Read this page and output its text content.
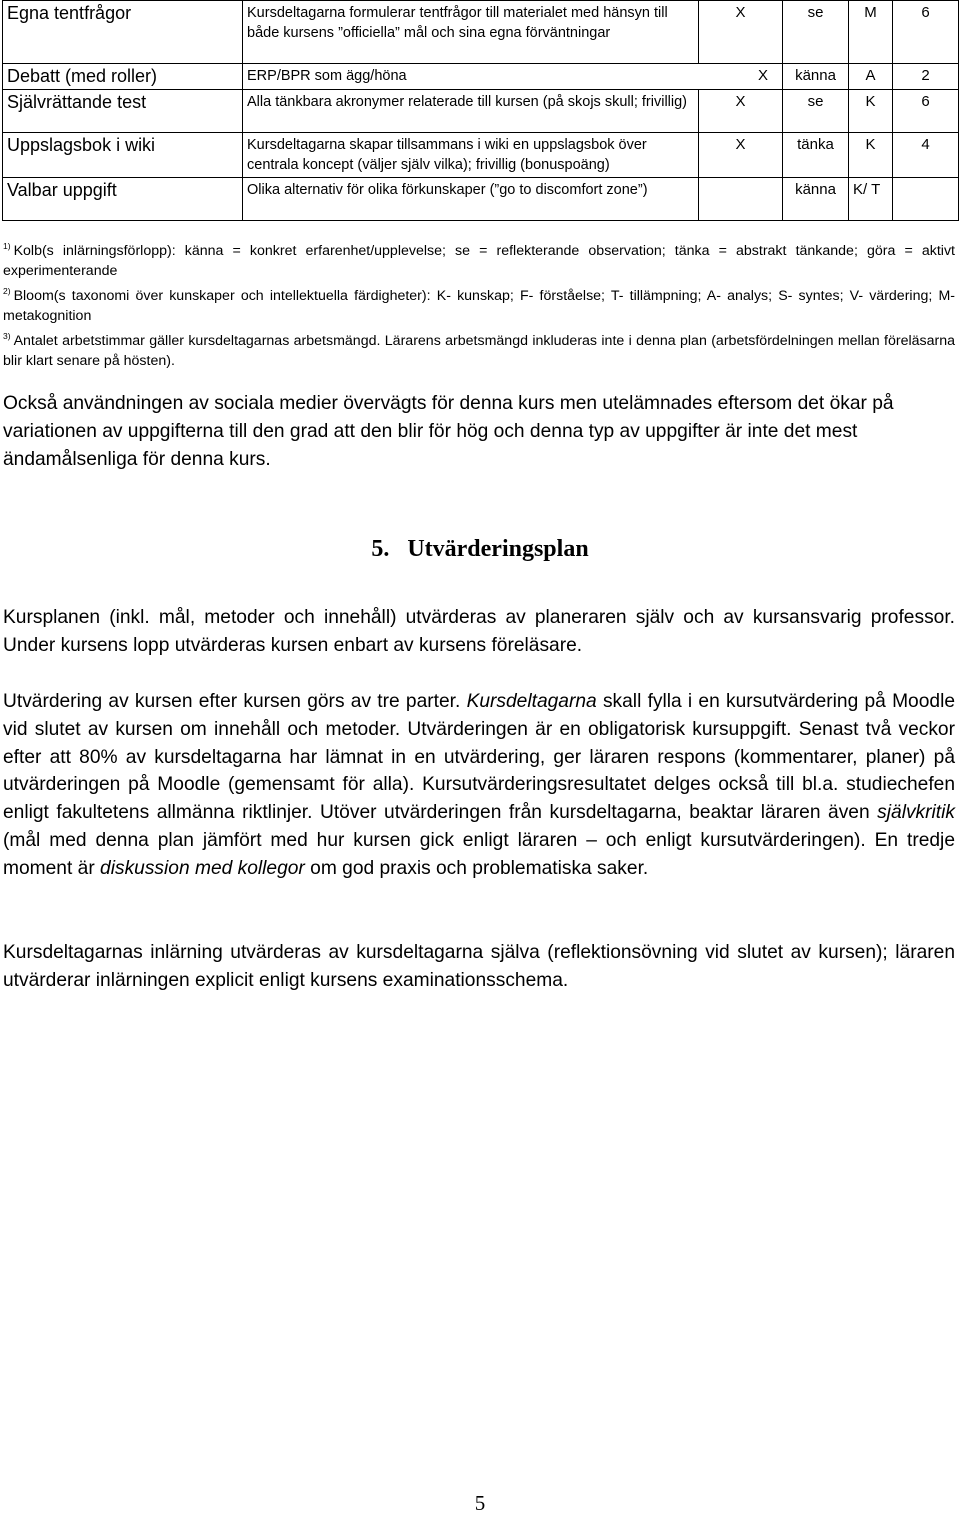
Egna tentfrågor	Kursdeltagarna formulerar tentfrågor till materialet med hänsyn till både kursens ”officiella” mål och sina egna förväntningar	X	se	M	6
Debatt (med roller)	ERP/BPR som ägg/höna	X	känna	A	2
Självrättande test	Alla tänkbara akronymer relaterade till kursen (på skojs skull; frivillig)	X	se	K	6
Uppslagsbok i wiki	Kursdeltagarna skapar tillsammans i wiki en uppslagsbok över centrala koncept (väljer själv vilka); frivillig (bonuspoäng)	X	tänka	K	4
Valbar uppgift	Olika alternativ för olika förkunskaper (”go to discomfort zone”)		känna	K/ T	

$^{1)}$ Kolb(s inlärningsförlopp): känna = konkret erfarenhet/upplevelse; se = reflekterande observation; tänka = abstrakt tänkande; göra = aktivt experimenterande

$^{2)}$ Bloom(s taxonomi över kunskaper och intellektuella färdigheter): K- kunskap; F- förståelse; T- tillämpning; A- analys; S- syntes; V- värdering; M- metakognition

$^{3)}$ Antalet arbetstimmar gäller kursdeltagarnas arbetsmängd. Lärarens arbetsmängd inkluderas inte i denna plan (arbetsfördelningen mellan föreläsarna blir klart senare på hösten).

Också användningen av sociala medier övervägts för denna kurs men utelämnades eftersom det ökar på variationen av uppgifterna till den grad att den blir för hög och denna typ av uppgifter är inte det mest ändamålsenliga för denna kurs.

5. Utvärderingsplan

Kursplanen (inkl. mål, metoder och innehåll) utvärderas av planeraren själv och av kursansvarig professor. Under kursens lopp utvärderas kursen enbart av kursens föreläsare.

Utvärdering av kursen efter kursen görs av tre parter. Kursdeltagarna skall fylla i en kursutvärdering på Moodle vid slutet av kursen om innehåll och metoder. Utvärderingen är en obligatorisk kursuppgift. Senast två veckor efter att 80% av kursdeltagarna har lämnat in en utvärdering, ger läraren respons (kommentarer, planer) på utvärderingen på Moodle (gemensamt för alla). Kursutvärderingsresultatet delges också till bl.a. studiechefen enligt fakultetens allmänna riktlinjer. Utöver utvärderingen från kursdeltagarna, beaktar läraren även självkritik (mål med denna plan jämfört med hur kursen gick enligt läraren – och enligt kursutvärderingen). En tredje moment är diskussion med kollegor om god praxis och problematiska saker.

Kursdeltagarnas inlärning utvärderas av kursdeltagarna själva (reflektionsövning vid slutet av kursen); läraren utvärderar inlärningen explicit enligt kursens examinationsschema.

5
